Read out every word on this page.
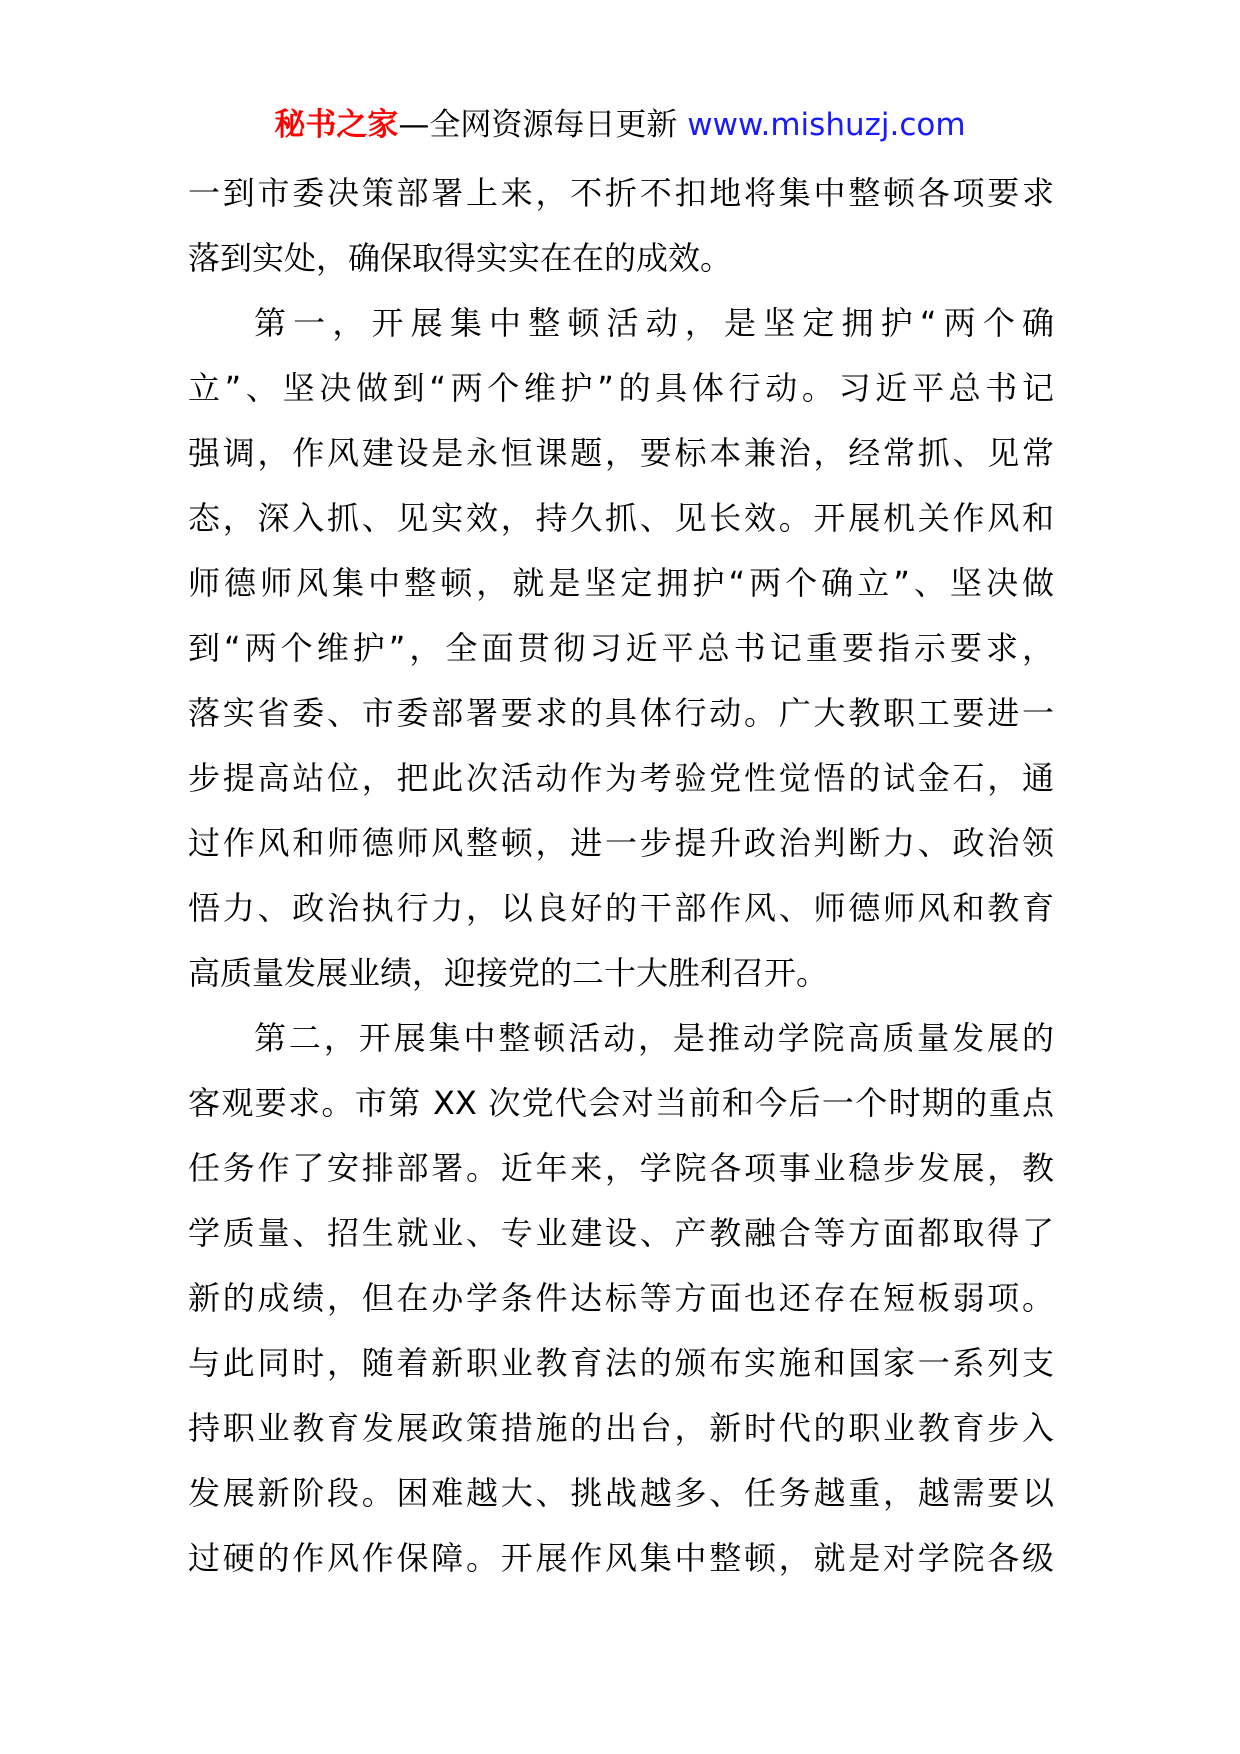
秘书之家—全网资源每日更新 www.mishuzj.com
一到市委决策部署上来，不折不扣地将集中整顿各项要求
落到实处，确保取得实实在在的成效。
第一，开展集中整顿活动，是坚定拥护“两个确
立”、坚决做到“两个维护”的具体行动。习近平总书记
强调，作风建设是永恒课题，要标本兼治，经常抓、见常
态，深入抓、见实效，持久抓、见长效。开展机关作风和
师德师风集中整顿，就是坚定拥护“两个确立”、坚决做
到“两个维护”，全面贯彻习近平总书记重要指示要求，
落实省委、市委部署要求的具体行动。广大教职工要进一
步提高站位，把此次活动作为考验党性觉悟的试金石，通
过作风和师德师风整顿，进一步提升政治判断力、政治领
悟力、政治执行力，以良好的干部作风、师德师风和教育
高质量发展业绩，迎接党的二十大胜利召开。
第二，开展集中整顿活动，是推动学院高质量发展的
客观要求。市第 XX 次党代会对当前和今后一个时期的重点
任务作了安排部署。近年来，学院各项事业稳步发展，教
学质量、招生就业、专业建设、产教融合等方面都取得了
新的成绩，但在办学条件达标等方面也还存在短板弱项。
与此同时，随着新职业教育法的颁布实施和国家一系列支
持职业教育发展政策措施的出台，新时代的职业教育步入
发展新阶段。困难越大、挑战越多、任务越重，越需要以
过硬的作风作保障。开展作风集中整顿，就是对学院各级
